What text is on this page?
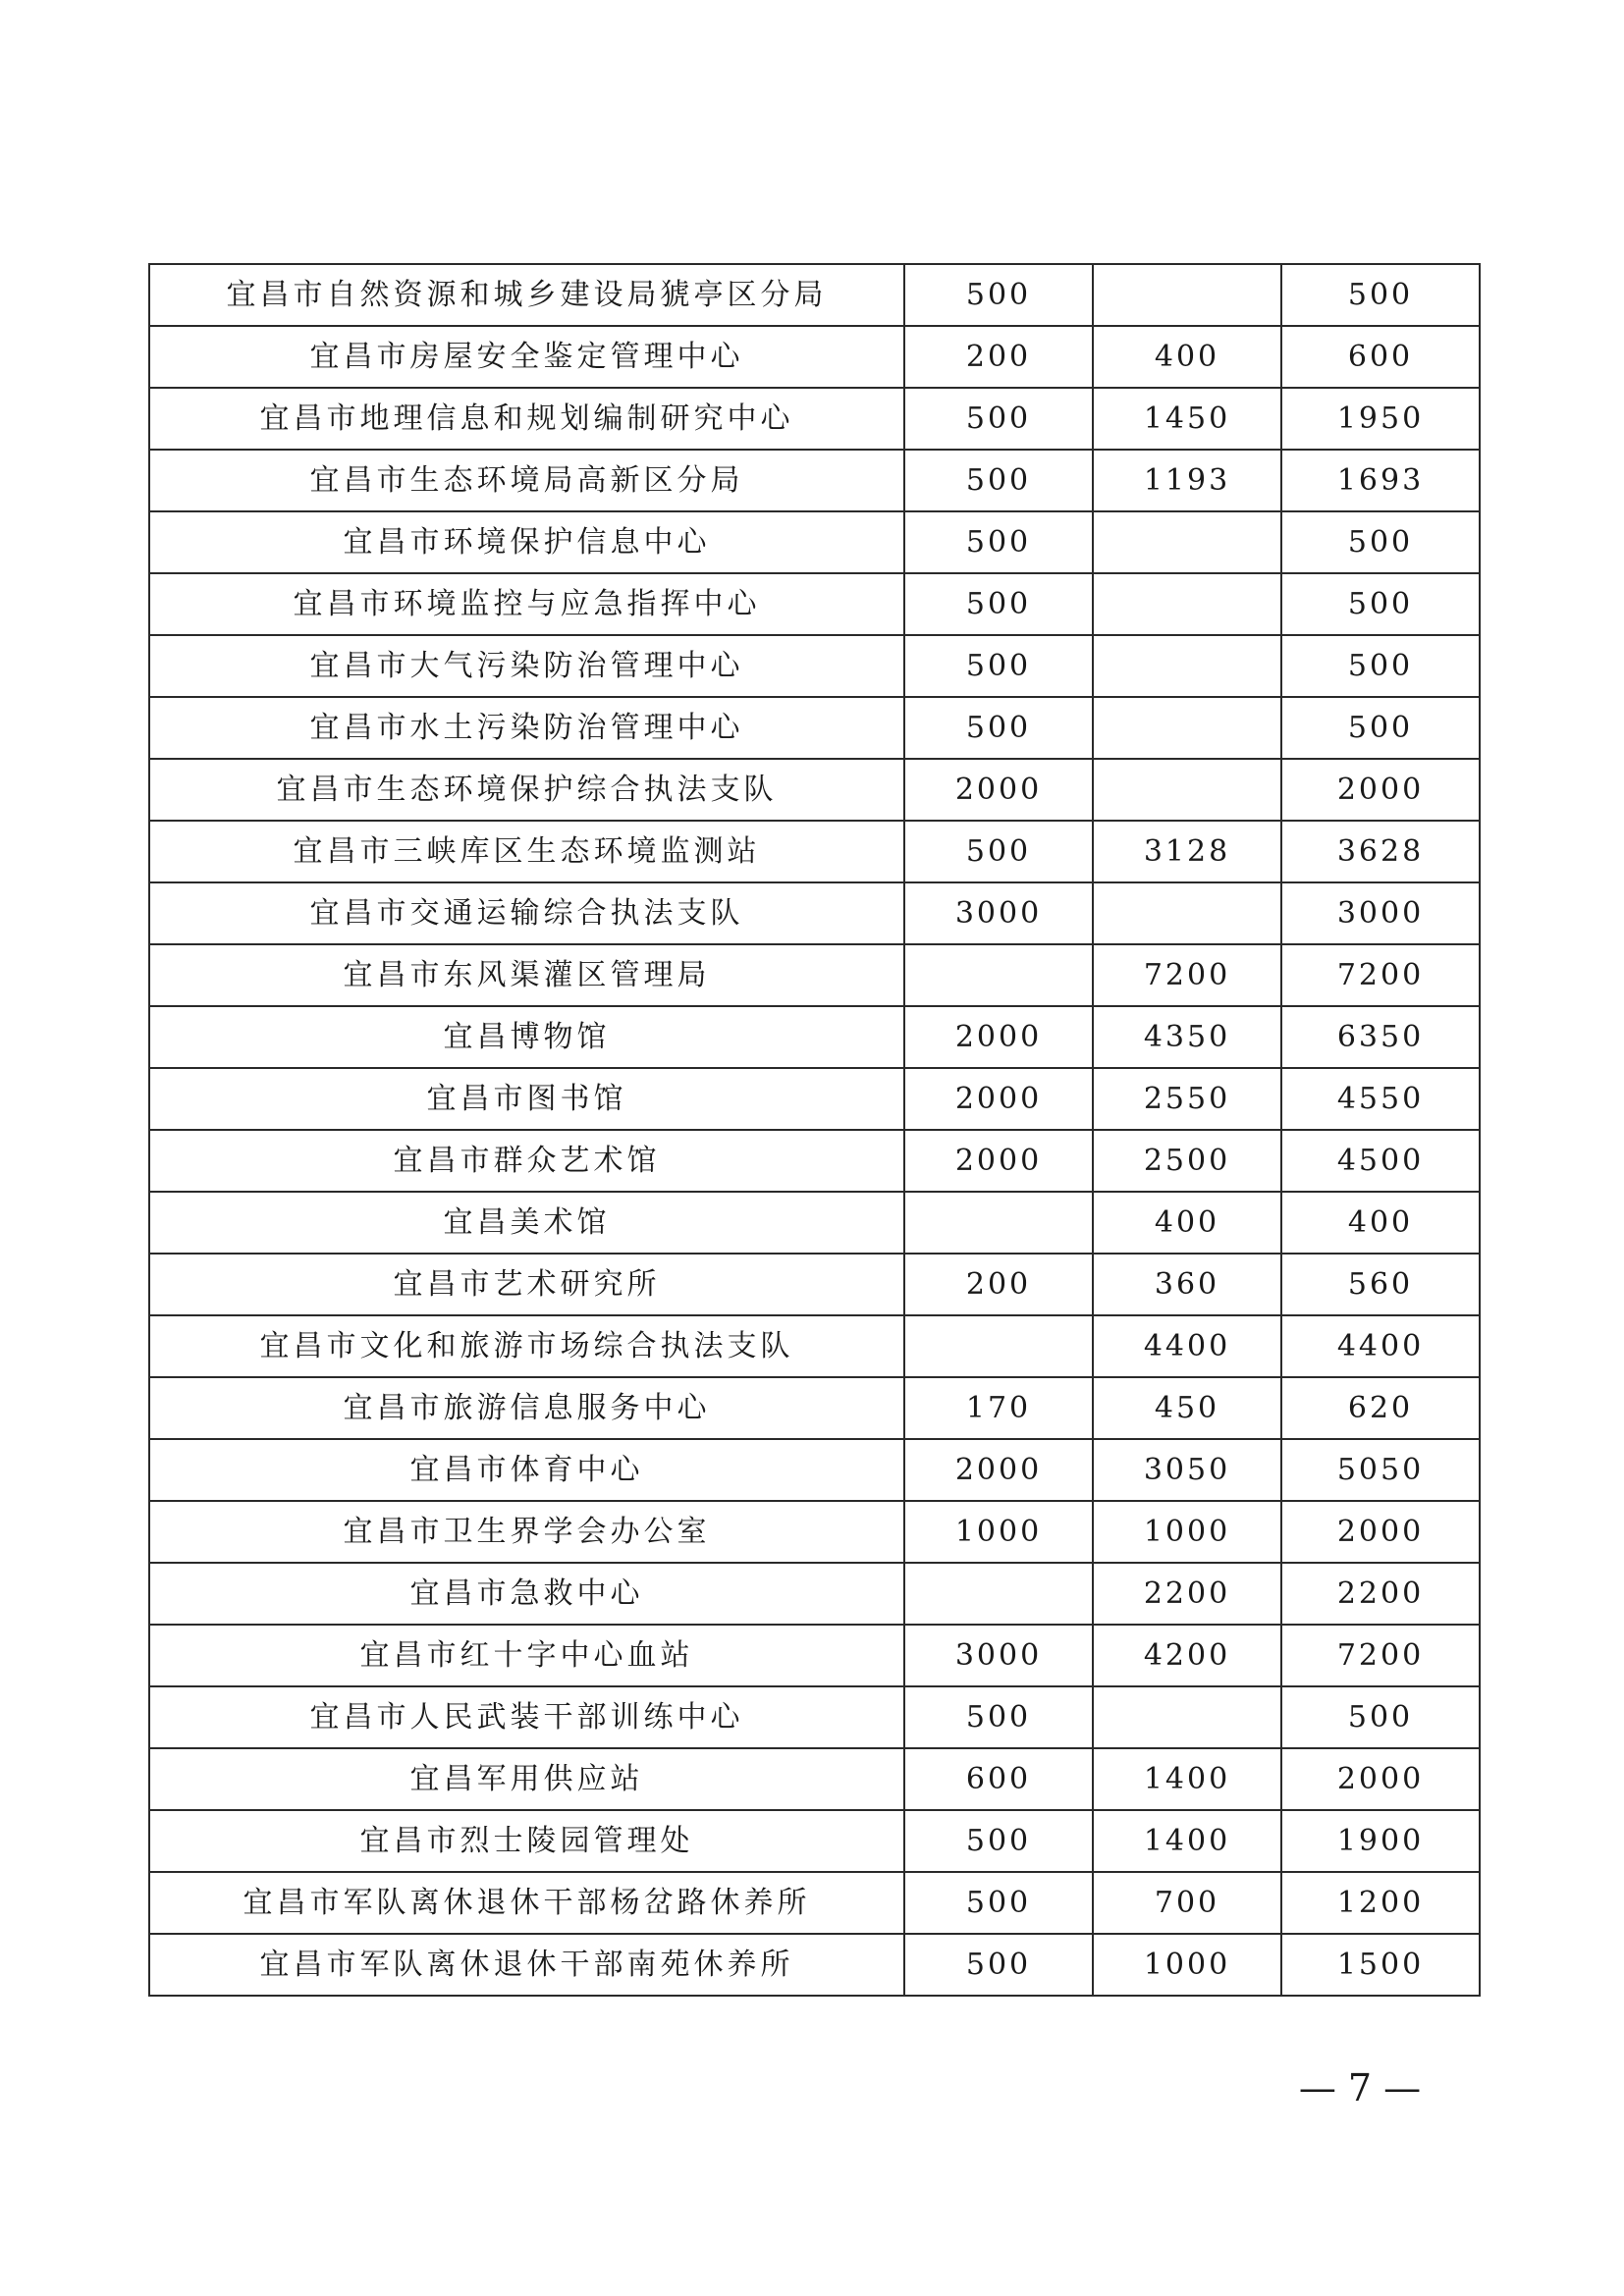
宜昌市自然资源和城乡建设局猇亭区分局	500		500
宜昌市房屋安全鉴定管理中心	200	400	600
宜昌市地理信息和规划编制研究中心	500	1450	1950
宜昌市生态环境局高新区分局	500	1193	1693
宜昌市环境保护信息中心	500		500
宜昌市环境监控与应急指挥中心	500		500
宜昌市大气污染防治管理中心	500		500
宜昌市水土污染防治管理中心	500		500
宜昌市生态环境保护综合执法支队	2000		2000
宜昌市三峡库区生态环境监测站	500	3128	3628
宜昌市交通运输综合执法支队	3000		3000
宜昌市东风渠灌区管理局		7200	7200
宜昌博物馆	2000	4350	6350
宜昌市图书馆	2000	2550	4550
宜昌市群众艺术馆	2000	2500	4500
宜昌美术馆		400	400
宜昌市艺术研究所	200	360	560
宜昌市文化和旅游市场综合执法支队		4400	4400
宜昌市旅游信息服务中心	170	450	620
宜昌市体育中心	2000	3050	5050
宜昌市卫生界学会办公室	1000	1000	2000
宜昌市急救中心		2200	2200
宜昌市红十字中心血站	3000	4200	7200
宜昌市人民武装干部训练中心	500		500
宜昌军用供应站	600	1400	2000
宜昌市烈士陵园管理处	500	1400	1900
宜昌市军队离休退休干部杨岔路休养所	500	700	1200
宜昌市军队离休退休干部南苑休养所	500	1000	1500
— 7 —
